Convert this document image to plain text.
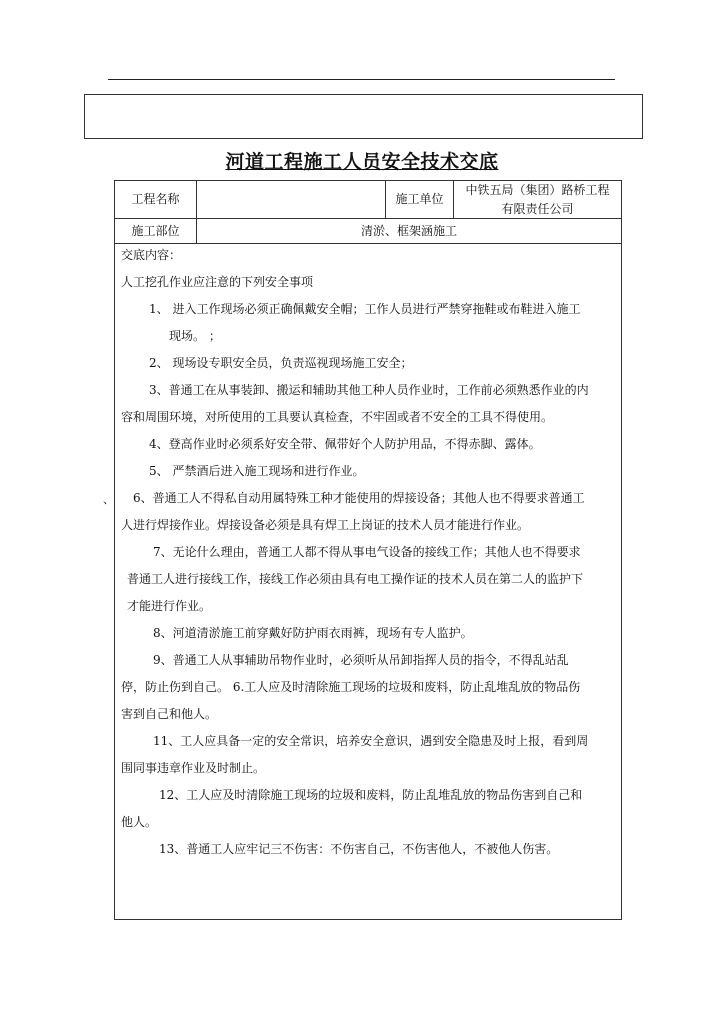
河道工程施工人员安全技术交底
工程名称	施工单位
中铁五局（集团）路桥工程
有限责任公司
施工部位	清淤、框架涵施工
交底内容：
人工挖孔作业应注意的下列安全事项
1、 进入工作现场必须正确佩戴安全帽；工作人员进行严禁穿拖鞋或布鞋进入施工
现场。 ；
2、 现场设专职安全员，负责巡视现场施工安全；
3、普通工在从事装卸、搬运和辅助其他工种人员作业时，工作前必须熟悉作业的内
容和周围环境，对所使用的工具要认真检查，不牢固或者不安全的工具不得使用。
4、登高作业时必须系好安全带、佩带好个人防护用品，不得赤脚、露体。
5、 严禁酒后进入施工现场和进行作业。
、 6、普通工人不得私自动用属特殊工种才能使用的焊接设备；其他人也不得要求普通工
人进行焊接作业。焊接设备必须是具有焊工上岗证的技术人员才能进行作业。
7、无论什么理由，普通工人都不得从事电气设备的接线工作；其他人也不得要求
普通工人进行接线工作，接线工作必须由具有电工操作证的技术人员在第二人的监护下
才能进行作业。
8、河道清淤施工前穿戴好防护雨衣雨裤，现场有专人监护。
9、普通工人从事辅助吊物作业时，必须听从吊卸指挥人员的指令，不得乱站乱
停，防止伤到自己。 6.工人应及时清除施工现场的垃圾和废料，防止乱堆乱放的物品伤
害到自己和他人。
11、工人应具备一定的安全常识，培养安全意识，遇到安全隐患及时上报，看到周
围同事违章作业及时制止。
12、工人应及时清除施工现场的垃圾和废料，防止乱堆乱放的物品伤害到自己和
他人。
13、普通工人应牢记三不伤害：不伤害自己，不伤害他人，不被他人伤害。
